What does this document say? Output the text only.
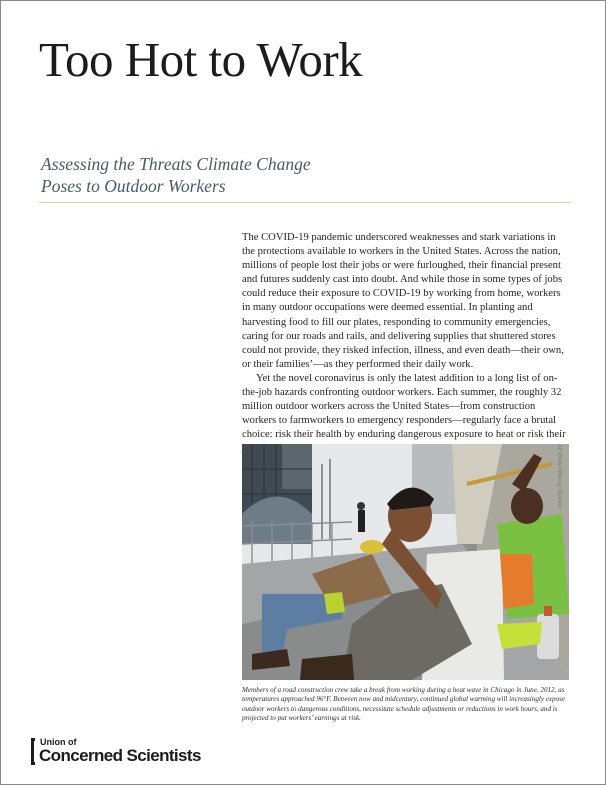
Too Hot to Work
Assessing the Threats Climate Change
Poses to Outdoor Workers

The COVID-19 pandemic underscored weaknesses and stark variations in the protections available to workers in the United States. Across the nation, millions of people lost their jobs or were furloughed, their financial present and futures suddenly cast into doubt. And while those in some types of jobs could reduce their exposure to COVID-19 by working from home, workers in many outdoor occupations were deemed essential. In planting and harvesting food to fill our plates, responding to community emergencies, caring for our roads and rails, and delivering supplies that shuttered stores could not provide, they risked infection, illness, and even death—their own, or their families’—as they performed their daily work.

Yet the novel coronavirus is only the latest addition to a long list of on-the-job hazards confronting outdoor workers. Each summer, the roughly 32 million outdoor workers across the United States—from construction workers to farmworkers to emergency responders—regularly face a brutal choice: risk their health by enduring dangerous exposure to heat or risk their

AP Photo/Nikolay Tsvetkov
Members of a road construction crew take a break from working during a heat wave in Chicago in June, 2012, as temperatures approached 96°F. Between now and midcentury, continued global warming will increasingly expose outdoor workers to dangerous conditions, necessitate schedule adjustments or reductions in work hours, and is projected to put workers’ earnings at risk.
Union of
Concerned Scientists
